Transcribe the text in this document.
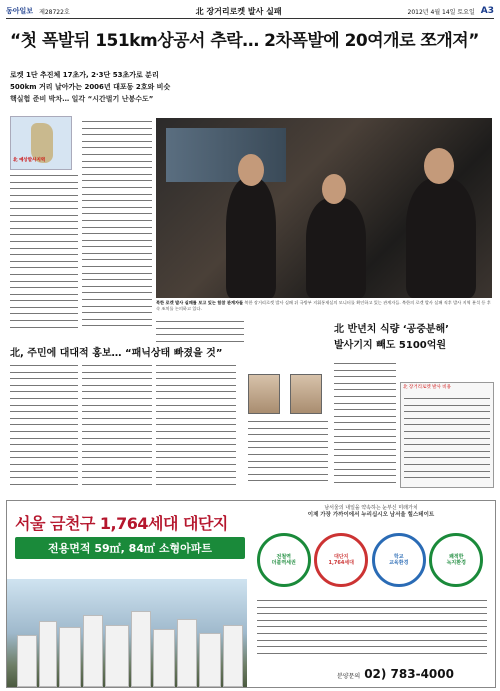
동아일보 제28722호	北 장거리로켓 발사 실패	2012년 4월 14일 토요일 A3
“첫 폭발뒤 151km상공서 추락… 2차폭발에 20여개로 쪼개져”
로켓 1단 추진체 17초가, 2·3단 53초가로 분리
500km 거리 날아가는 2006년 대포동 2호와 비슷
핵실험 준비 박차… 일각 “시간벌기 난봉수도”
北 예상발사지역
북한 로켓 발사 실패를 보고 있는 합참 관계자들 북한 장거리로켓 발사 실패 뒤 국방부 지휘통제실의 모니터를 확인하고 있는 관계자들. 북한의 로켓 발사 실패 직후 발사 지역 분석 등 후속 조치를 논의하고 있다.
北 반년치 식량 ‘공중분해’
발사기지 빼도 5100억원
北 장거리로켓 발사 비용
北, 주민에 대대적 홍보… “패닉상태 빠졌을 것”
서울 금천구 1,764세대 대단지
전용면적 59㎡, 84㎡ 소형아파트
남서울의 내일을 약속하는 눈부신 미래가치
이제 가장 가까이에서 누리십시오 남서울 힐스테이트
전철역
더블역세권
대단지
1,764세대
학교
교육환경
쾌적한
녹지환경
분양문의 02) 783-4000
